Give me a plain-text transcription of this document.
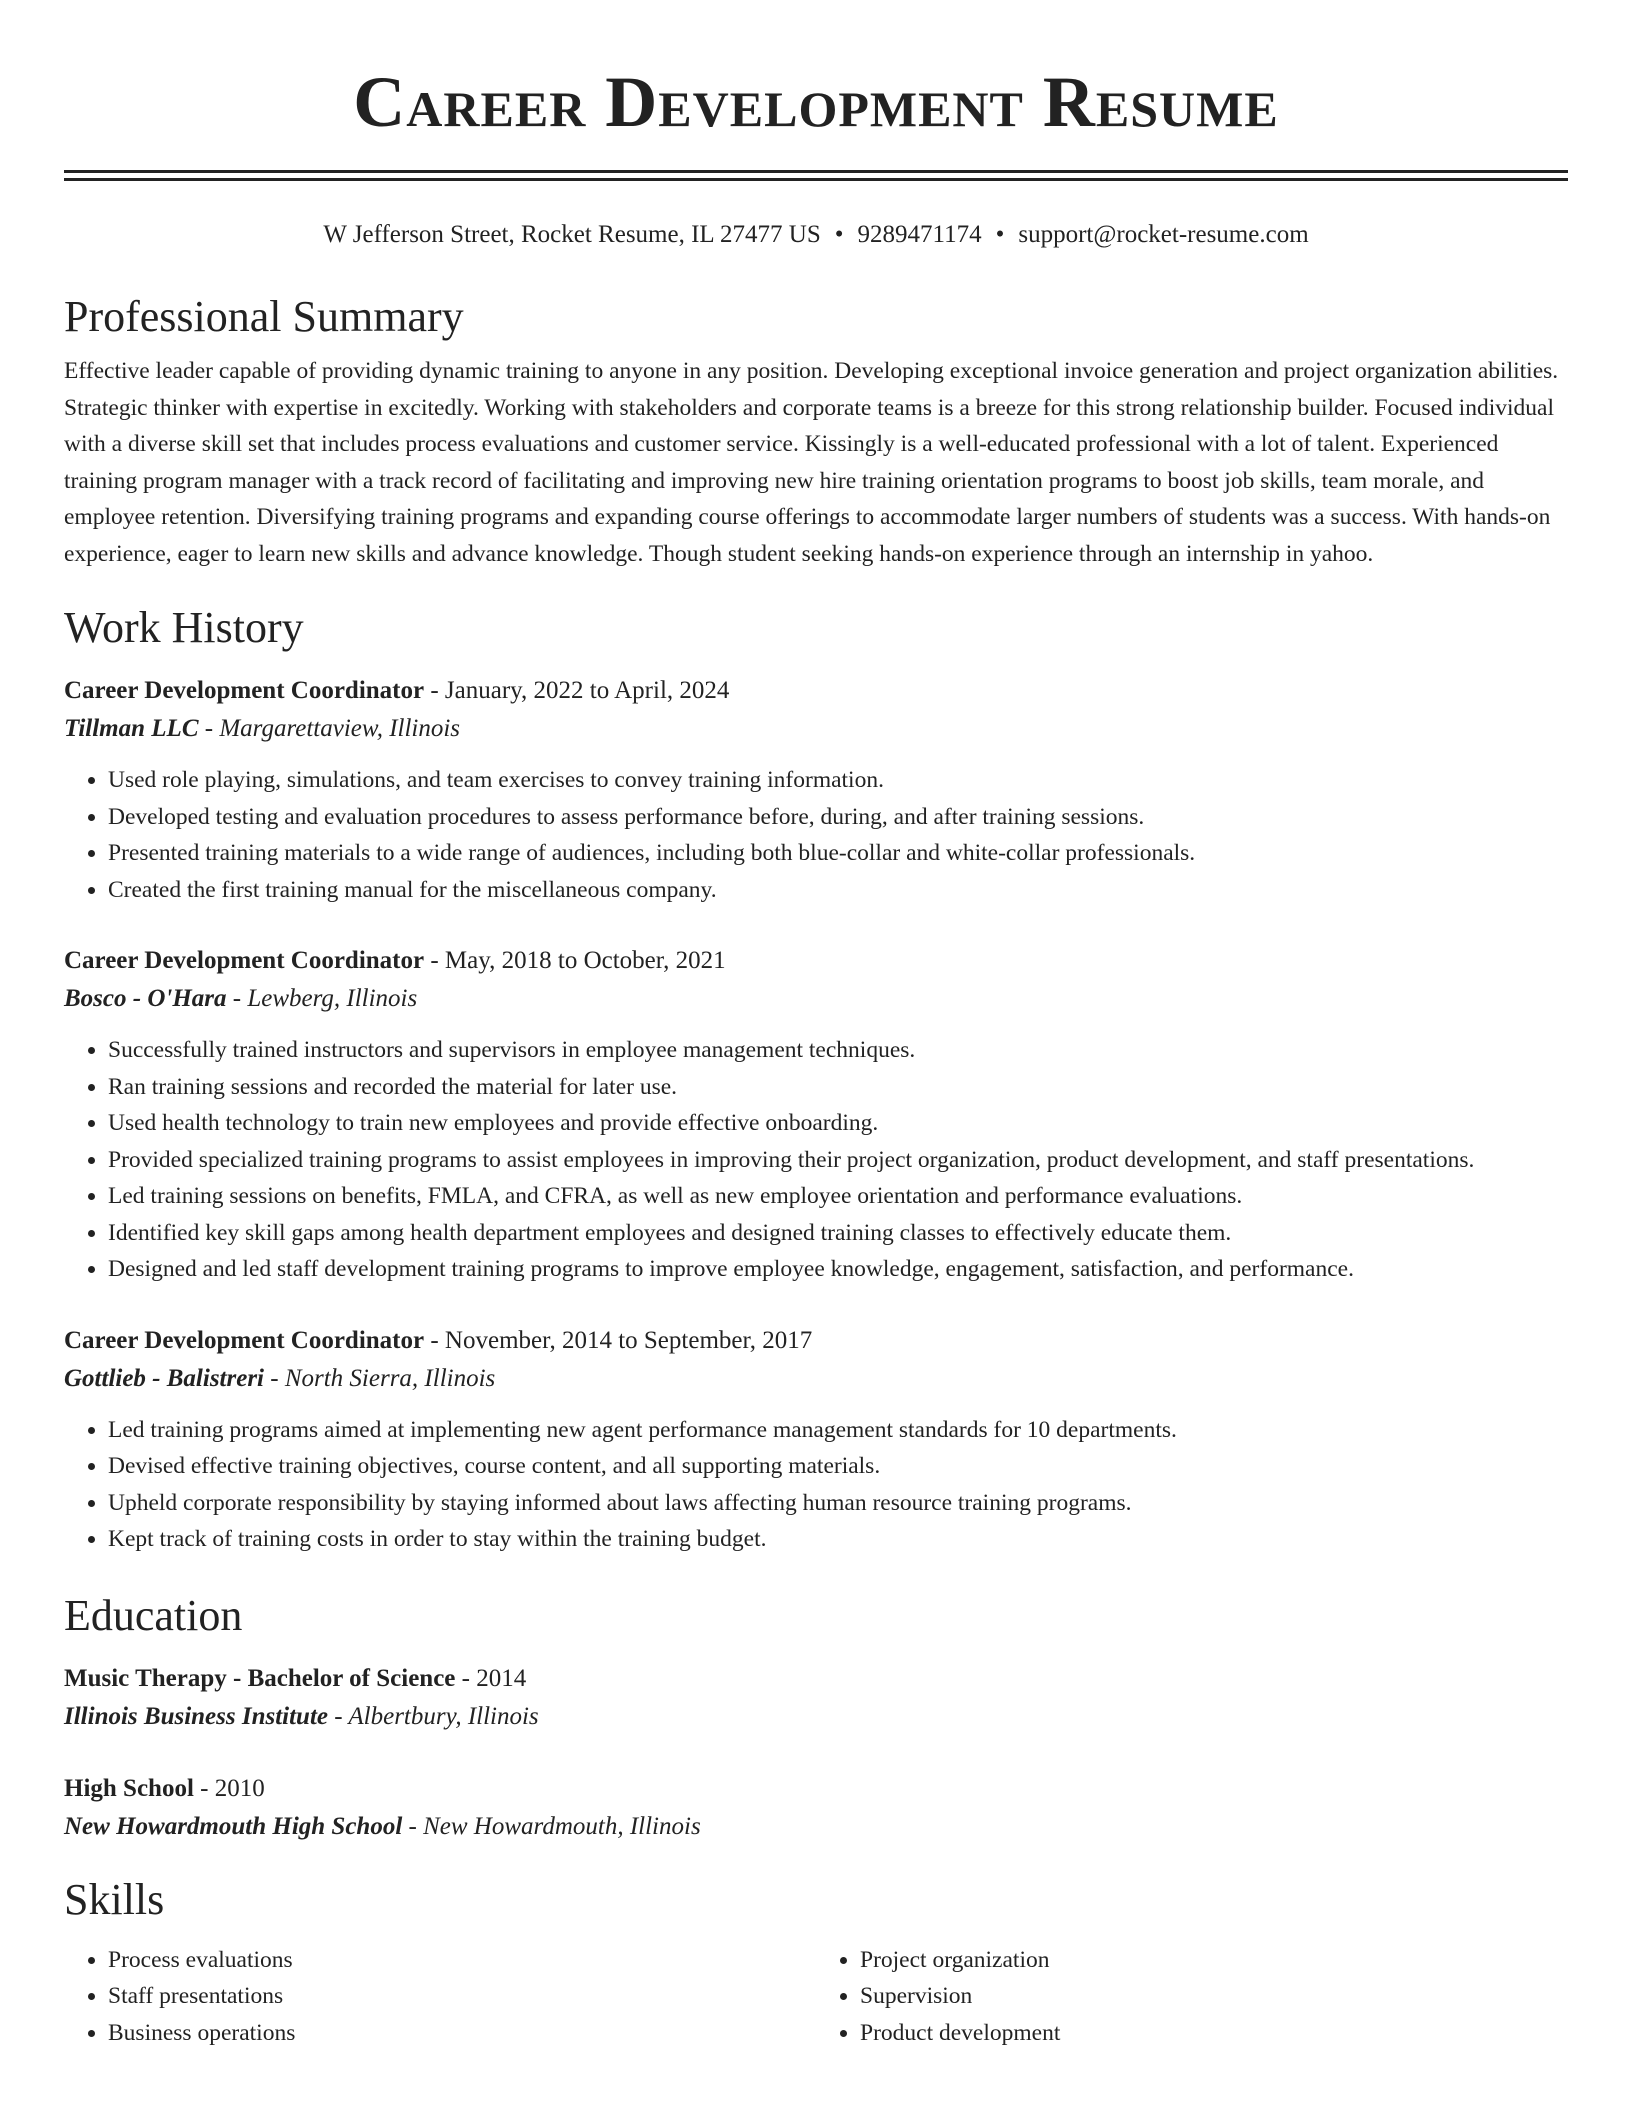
Career Development Resume
W Jefferson Street, Rocket Resume, IL 27477 US • 9289471174 • support@rocket-resume.com
Professional Summary

Effective leader capable of providing dynamic training to anyone in any position. Developing exceptional invoice generation and project organization abilities. Strategic thinker with expertise in excitedly. Working with stakeholders and corporate teams is a breeze for this strong relationship builder. Focused individual with a diverse skill set that includes process evaluations and customer service. Kissingly is a well-educated professional with a lot of talent. Experienced training program manager with a track record of facilitating and improving new hire training orientation programs to boost job skills, team morale, and employee retention. Diversifying training programs and expanding course offerings to accommodate larger numbers of students was a success. With hands-on experience, eager to learn new skills and advance knowledge. Though student seeking hands-on experience through an internship in yahoo.

Work History
Career Development Coordinator - January, 2022 to April, 2024
Tillman LLC - Margarettaview, Illinois
• Used role playing, simulations, and team exercises to convey training information.
• Developed testing and evaluation procedures to assess performance before, during, and after training sessions.
• Presented training materials to a wide range of audiences, including both blue-collar and white-collar professionals.
• Created the first training manual for the miscellaneous company.
Career Development Coordinator - May, 2018 to October, 2021
Bosco - O'Hara - Lewberg, Illinois
• Successfully trained instructors and supervisors in employee management techniques.
• Ran training sessions and recorded the material for later use.
• Used health technology to train new employees and provide effective onboarding.
• Provided specialized training programs to assist employees in improving their project organization, product development, and staff presentations.
• Led training sessions on benefits, FMLA, and CFRA, as well as new employee orientation and performance evaluations.
• Identified key skill gaps among health department employees and designed training classes to effectively educate them.
• Designed and led staff development training programs to improve employee knowledge, engagement, satisfaction, and performance.
Career Development Coordinator - November, 2014 to September, 2017
Gottlieb - Balistreri - North Sierra, Illinois
• Led training programs aimed at implementing new agent performance management standards for 10 departments.
• Devised effective training objectives, course content, and all supporting materials.
• Upheld corporate responsibility by staying informed about laws affecting human resource training programs.
• Kept track of training costs in order to stay within the training budget.
Education
Music Therapy - Bachelor of Science - 2014
Illinois Business Institute - Albertbury, Illinois
High School - 2010
New Howardmouth High School - New Howardmouth, Illinois
Skills
• Process evaluations
• Staff presentations
• Business operations
• Project organization
• Supervision
• Product development
